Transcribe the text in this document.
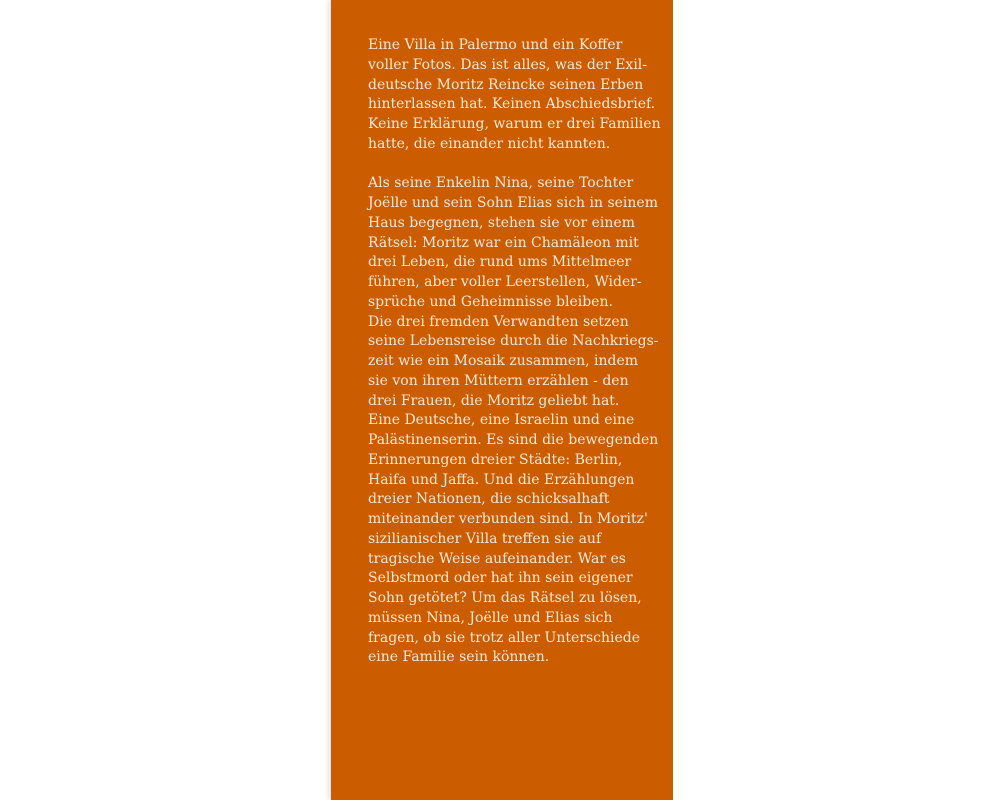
Eine Villa in Palermo und ein Koffer
voller Fotos. Das ist alles, was der Exil-
deutsche Moritz Reincke seinen Erben
hinterlassen hat. Keinen Abschiedsbrief.
Keine Erklärung, warum er drei Familien
hatte, die einander nicht kannten.
Als seine Enkelin Nina, seine Tochter
Joëlle und sein Sohn Elias sich in seinem
Haus begegnen, stehen sie vor einem
Rätsel: Moritz war ein Chamäleon mit
drei Leben, die rund ums Mittelmeer
führen, aber voller Leerstellen, Wider-
sprüche und Geheimnisse bleiben.
Die drei fremden Verwandten setzen
seine Lebensreise durch die Nachkriegs-
zeit wie ein Mosaik zusammen, indem
sie von ihren Müttern erzählen - den
drei Frauen, die Moritz geliebt hat.
Eine Deutsche, eine Israelin und eine
Palästinenserin. Es sind die bewegenden
Erinnerungen dreier Städte: Berlin,
Haifa und Jaffa. Und die Erzählungen
dreier Nationen, die schicksalhaft
miteinander verbunden sind. In Moritz'
sizilianischer Villa treffen sie auf
tragische Weise aufeinander. War es
Selbstmord oder hat ihn sein eigener
Sohn getötet? Um das Rätsel zu lösen,
müssen Nina, Joëlle und Elias sich
fragen, ob sie trotz aller Unterschiede
eine Familie sein können.
